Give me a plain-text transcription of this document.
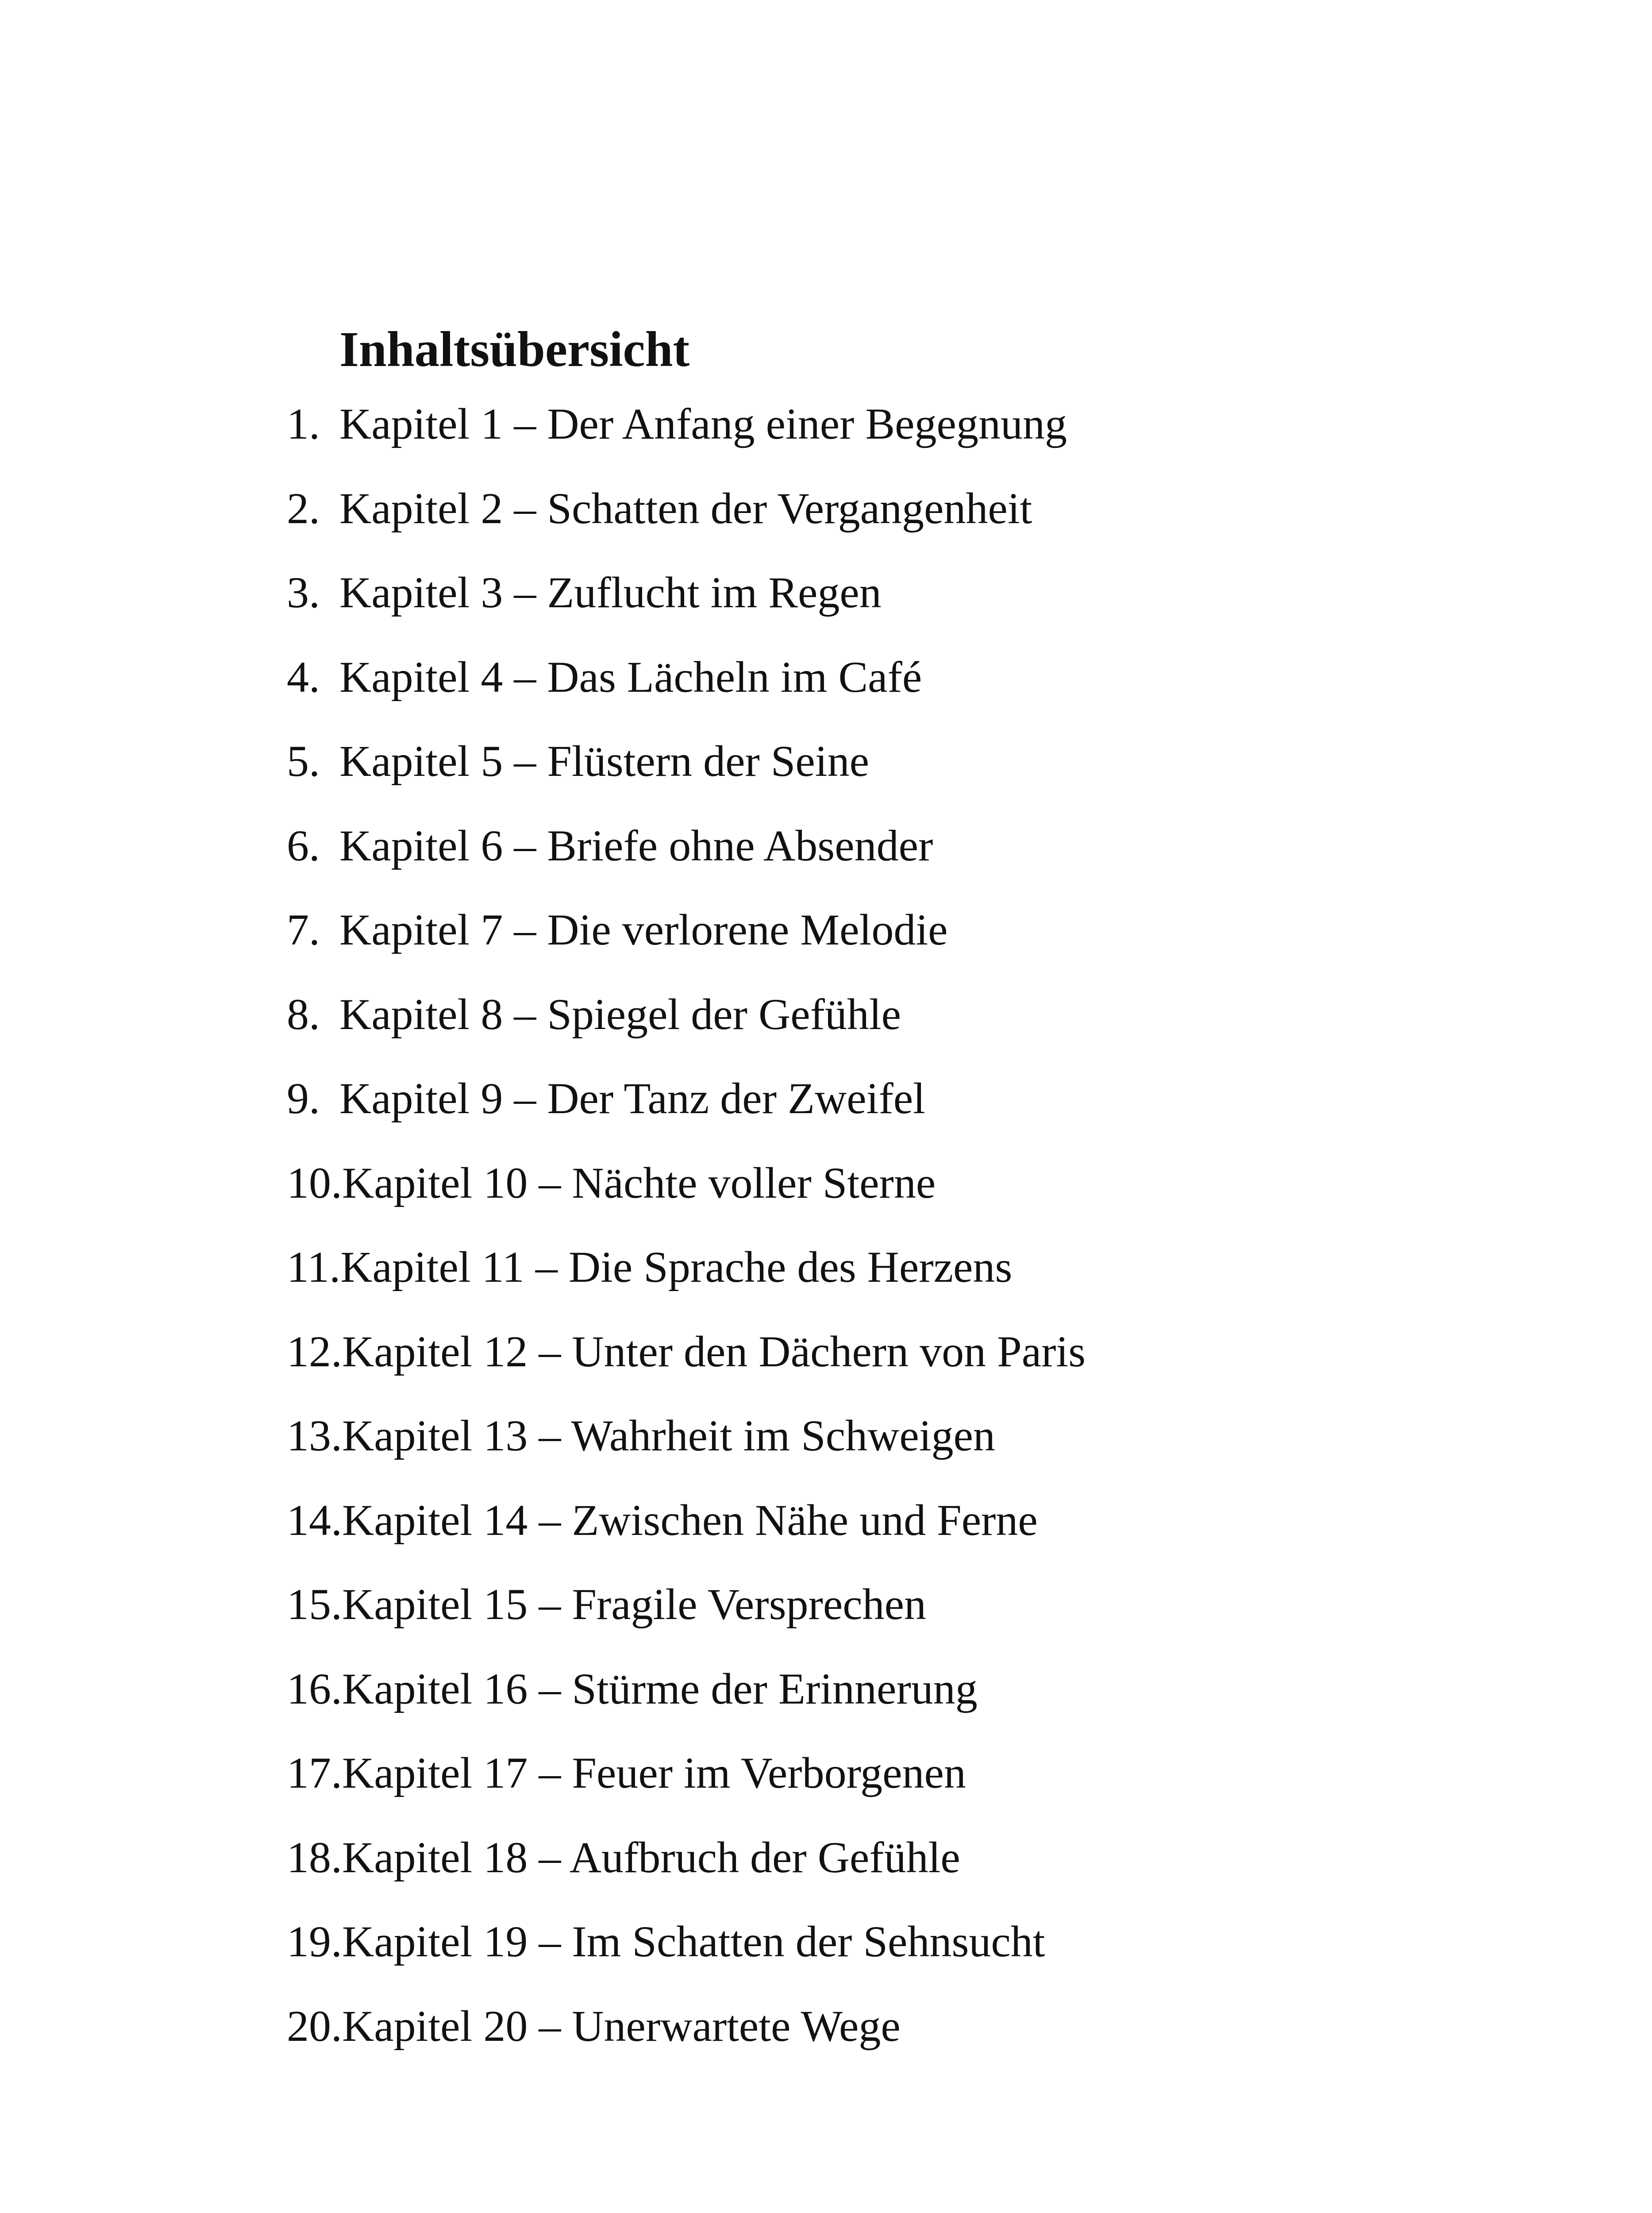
Inhaltsübersicht
1. Kapitel 1 – Der Anfang einer Begegnung
2. Kapitel 2 – Schatten der Vergangenheit
3. Kapitel 3 – Zuflucht im Regen
4. Kapitel 4 – Das Lächeln im Café
5. Kapitel 5 – Flüstern der Seine
6. Kapitel 6 – Briefe ohne Absender
7. Kapitel 7 – Die verlorene Melodie
8. Kapitel 8 – Spiegel der Gefühle
9. Kapitel 9 – Der Tanz der Zweifel
10.Kapitel 10 – Nächte voller Sterne
11.Kapitel 11 – Die Sprache des Herzens
12.Kapitel 12 – Unter den Dächern von Paris
13.Kapitel 13 – Wahrheit im Schweigen
14.Kapitel 14 – Zwischen Nähe und Ferne
15.Kapitel 15 – Fragile Versprechen
16.Kapitel 16 – Stürme der Erinnerung
17.Kapitel 17 – Feuer im Verborgenen
18.Kapitel 18 – Aufbruch der Gefühle
19.Kapitel 19 – Im Schatten der Sehnsucht
20.Kapitel 20 – Unerwartete Wege
